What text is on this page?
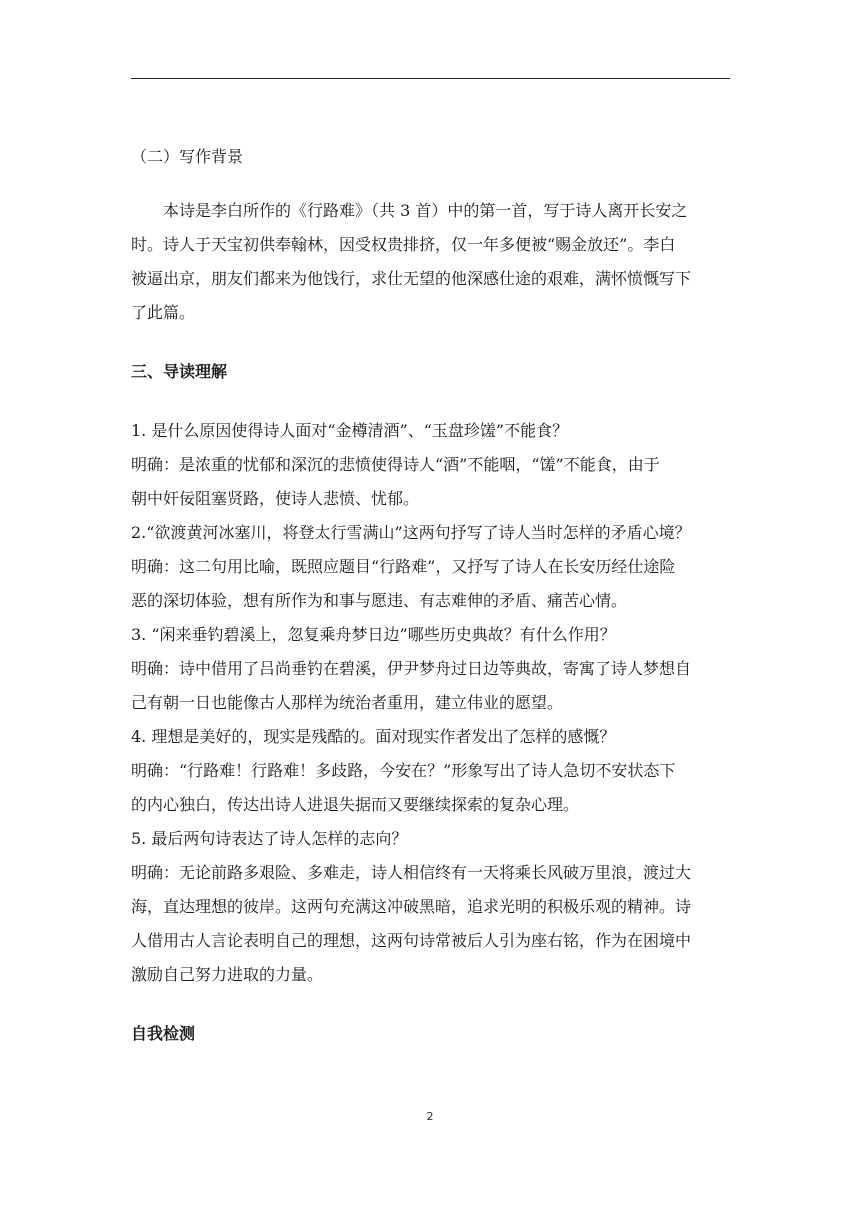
（二）写作背景
本诗是李白所作的《行路难》（共 3 首）中的第一首，写于诗人离开长安之
时。诗人于天宝初供奉翰林，因受权贵排挤，仅一年多便被“赐金放还”。李白
被逼出京，朋友们都来为他饯行，求仕无望的他深感仕途的艰难，满怀愤慨写下
了此篇。
三、导读理解
1. 是什么原因使得诗人面对“金樽清酒”、“玉盘珍馐”不能食？
明确：是浓重的忧郁和深沉的悲愤使得诗人“酒”不能咽，“馐”不能食，由于
朝中奸佞阻塞贤路，使诗人悲愤、忧郁。
2.“欲渡黄河冰塞川，将登太行雪满山”这两句抒写了诗人当时怎样的矛盾心境？
明确：这二句用比喻，既照应题目“行路难”，又抒写了诗人在长安历经仕途险
恶的深切体验，想有所作为和事与愿违、有志难伸的矛盾、痛苦心情。
3. “闲来垂钓碧溪上，忽复乘舟梦日边”哪些历史典故？有什么作用？
明确：诗中借用了吕尚垂钓在碧溪，伊尹梦舟过日边等典故，寄寓了诗人梦想自
己有朝一日也能像古人那样为统治者重用，建立伟业的愿望。
4. 理想是美好的，现实是残酷的。面对现实作者发出了怎样的感慨？
明确：“行路难！行路难！多歧路，今安在？”形象写出了诗人急切不安状态下
的内心独白，传达出诗人进退失据而又要继续探索的复杂心理。
5. 最后两句诗表达了诗人怎样的志向？
明确：无论前路多艰险、多难走，诗人相信终有一天将乘长风破万里浪，渡过大
海，直达理想的彼岸。这两句充满这冲破黑暗，追求光明的积极乐观的精神。诗
人借用古人言论表明自己的理想，这两句诗常被后人引为座右铭，作为在困境中
激励自己努力进取的力量。
自我检测
2
